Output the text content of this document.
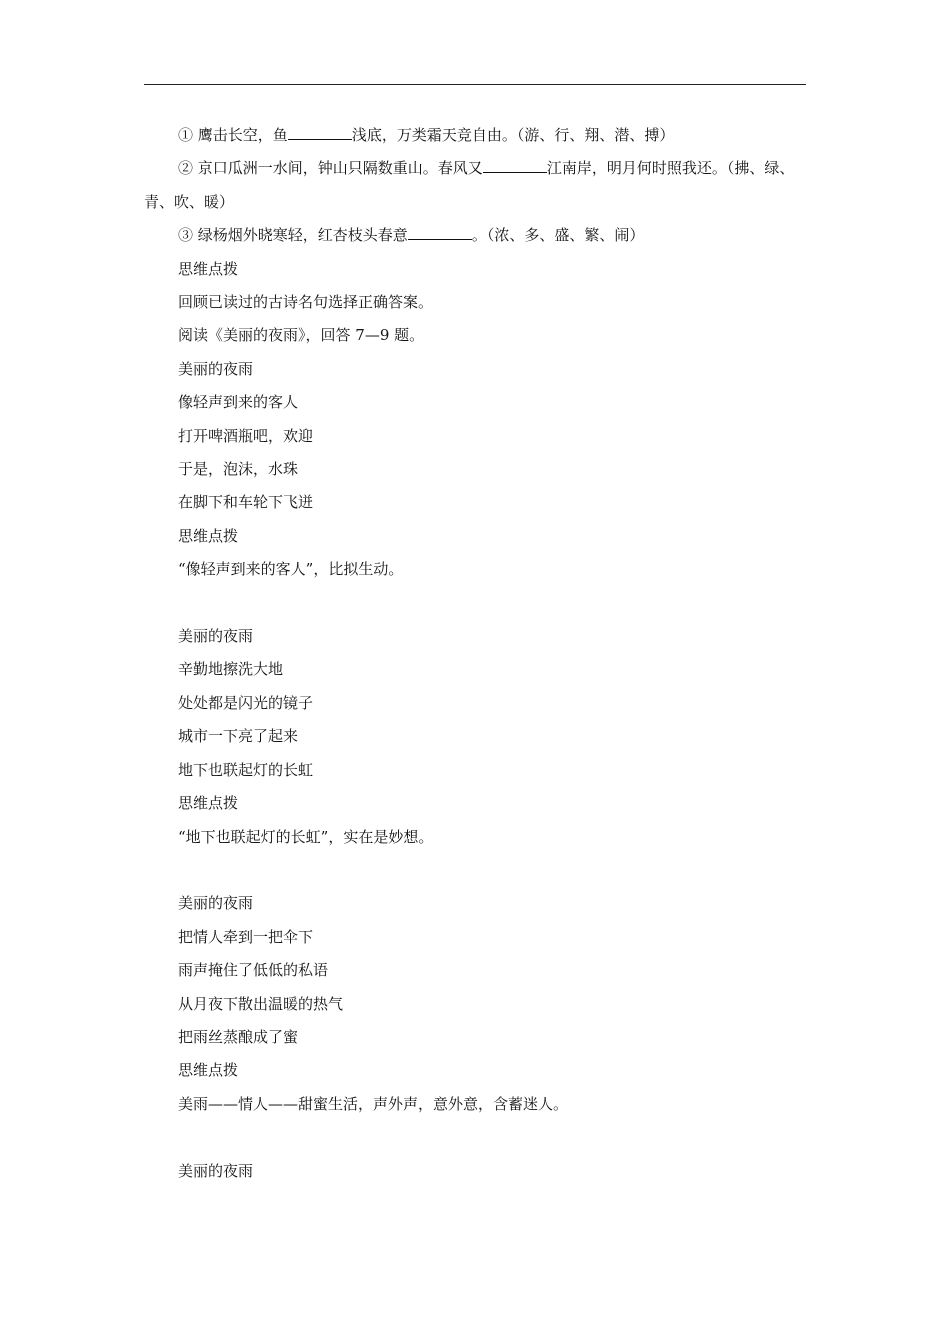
① 鹰击长空，鱼	浅底，万类霜天竞自由。（游、行、翔、潜、搏）
② 京口瓜洲一水间，钟山只隔数重山。春风又	江南岸，明月何时照我还。（拂、绿、青、吹、暖）
③ 绿杨烟外晓寒轻，红杏枝头春意	。（浓、多、盛、繁、闹）
思维点拨
回顾已读过的古诗名句选择正确答案。
阅读《美丽的夜雨》，回答 7—9 题。
美丽的夜雨
像轻声到来的客人
打开啤酒瓶吧，欢迎
于是，泡沫，水珠
在脚下和车轮下飞迸
思维点拨
“像轻声到来的客人”，比拟生动。
美丽的夜雨
辛勤地擦洗大地
处处都是闪光的镜子
城市一下亮了起来
地下也联起灯的长虹
思维点拨
“地下也联起灯的长虹”，实在是妙想。
美丽的夜雨
把情人牵到一把伞下
雨声掩住了低低的私语
从月夜下散出温暖的热气
把雨丝蒸酿成了蜜
思维点拨
美雨——情人——甜蜜生活，声外声，意外意，含蓄迷人。
美丽的夜雨
